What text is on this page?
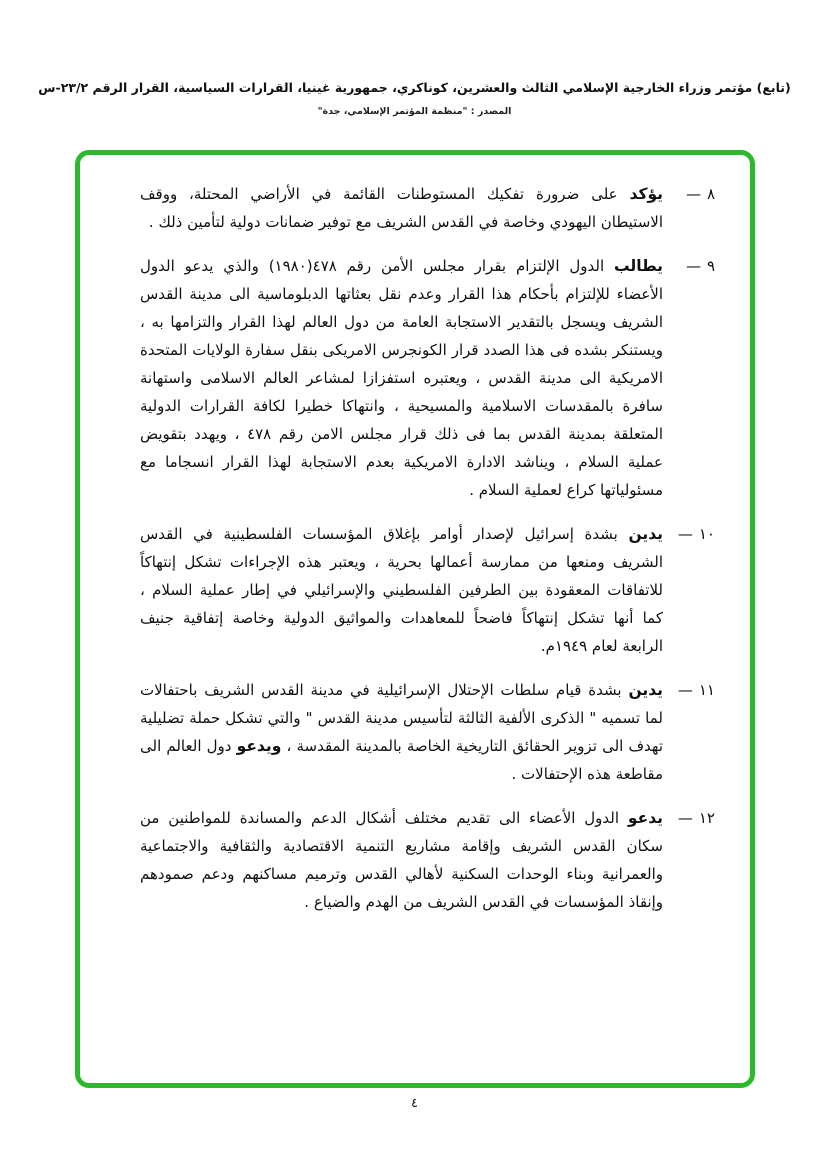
(تابع) مؤتمر وزراء الخارجية الإسلامي الثالث والعشرين، كوناكري، جمهورية غينيا، القرارات السياسية، القرار الرقم ٢٣/٢-س
المصدر : "منظمة المؤتمر الإسلامي، جدة"
٨
—
يؤكد على ضرورة تفكيك المستوطنات القائمة في الأراضي المحتلة، ووقف الاستيطان اليهودي وخاصة في القدس الشريف مع توفير ضمانات دولية لتأمين ذلك .
٩
—
يطالب الدول الإلتزام بقرار مجلس الأمن رقم ٤٧٨(١٩٨٠) والذي يدعو الدول الأعضاء للإلتزام بأحكام هذا القرار وعدم نقل بعثاتها الدبلوماسية الى مدينة القدس الشريف ويسجل بالتقدير الاستجابة العامة من دول العالم لهذا القرار والتزامها به ، ويستنكر بشده فى هذا الصدد قرار الكونجرس الامريكى بنقل سفارة الولايات المتحدة الامريكية الى مدينة القدس ، ويعتبره استفزازا لمشاعر العالم الاسلامى واستهانة سافرة بالمقدسات الاسلامية والمسيحية ، وانتهاكا خطيرا لكافة القرارات الدولية المتعلقة بمدينة القدس بما فى ذلك قرار مجلس الامن رقم ٤٧٨ ، ويهدد بتقويض عملية السلام ، ويناشد الادارة الامريكية بعدم الاستجابة لهذا القرار انسجاما مع مسئولياتها كراع لعملية السلام .
١٠
—
يدين بشدة إسرائيل لإصدار أوامر بإغلاق المؤسسات الفلسطينية في القدس الشريف ومنعها من ممارسة أعمالها بحرية ، ويعتبر هذه الإجراءات تشكل إنتهاكاً للاتفاقات المعقودة بين الطرفين الفلسطيني والإسرائيلي في إطار عملية السلام ، كما أنها تشكل إنتهاكاً فاضحاً للمعاهدات والمواثيق الدولية وخاصة إتفاقية جنيف الرابعة لعام ١٩٤٩م.
١١
—
يدين بشدة قيام سلطات الإحتلال الإسرائيلية في مدينة القدس الشريف باحتفالات لما تسميه " الذكرى الألفية الثالثة لتأسيس مدينة القدس " والتي تشكل حملة تضليلية تهدف الى تزوير الحقائق التاريخية الخاصة بالمدينة المقدسة ، ويدعو دول العالم الى مقاطعة هذه الإحتفالات .
١٢
—
يدعو الدول الأعضاء الى تقديم مختلف أشكال الدعم والمساندة للمواطنين من سكان القدس الشريف وإقامة مشاريع التنمية الاقتصادية والثقافية والاجتماعية والعمرانية وبناء الوحدات السكنية لأهالي القدس وترميم مساكنهم ودعم صمودهم وإنقاذ المؤسسات في القدس الشريف من الهدم والضياع .
٤
